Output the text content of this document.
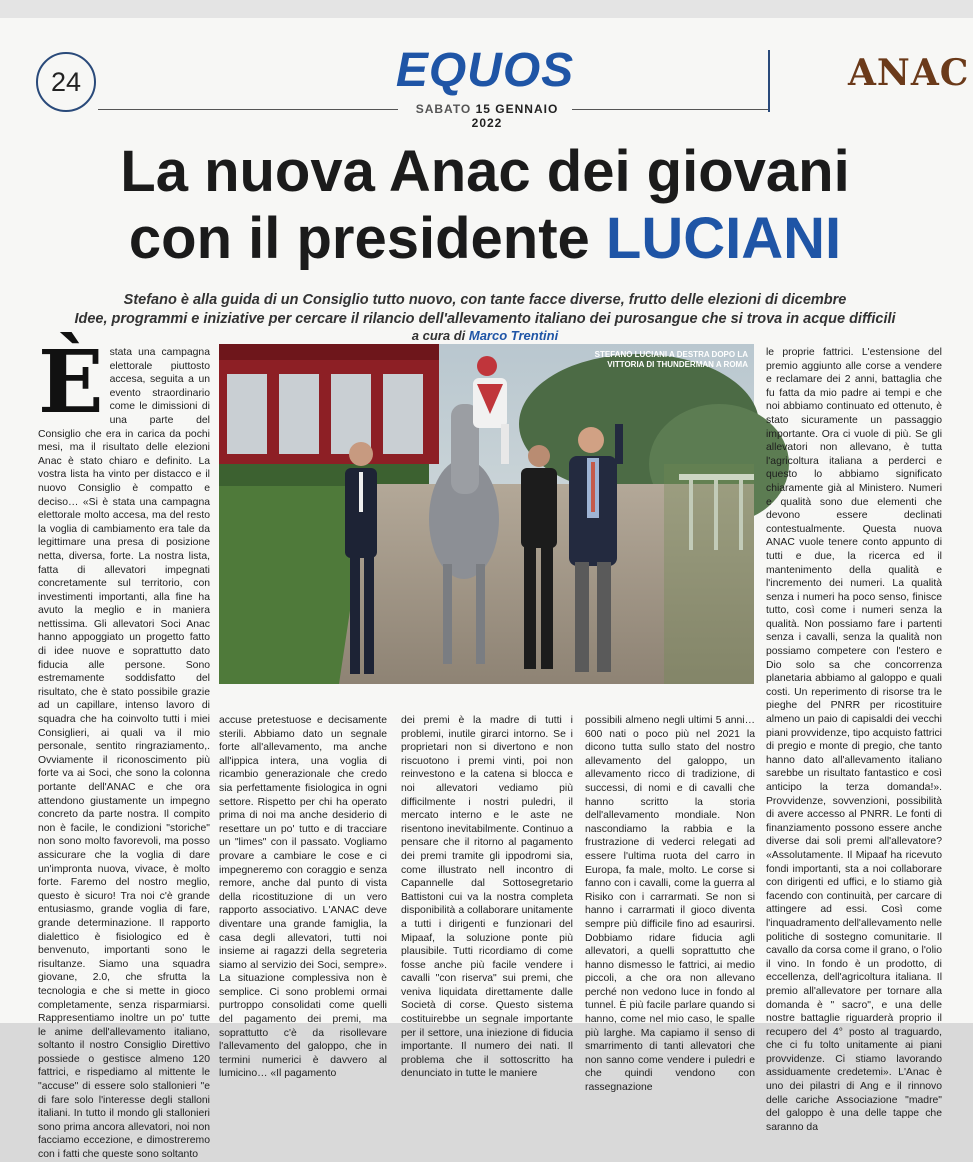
24	EQUOS
SABATO 15 GENNAIO 2022
ANAC
La nuova Anac dei giovani
con il presidente LUCIANI
Stefano è alla guida di un Consiglio tutto nuovo, con tante facce diverse, frutto delle elezioni di dicembre
Idee, programmi e iniziative per cercare il rilancio dell'allevamento italiano dei purosangue che si trova in acque difficili
a cura di Marco Trentini
È stata una campagna elettorale piuttosto accesa, seguita a un evento straordinario come le dimissioni di una parte del Consiglio che era in carica da pochi mesi, ma il risultato delle elezioni Anac è stato chiaro e definito. La vostra lista ha vinto per distacco e il nuovo Consiglio è compatto e deciso… «Si è stata una campagna elettorale molto accesa, ma del resto la voglia di cambiamento era tale da legittimare una presa di posizione netta, diversa, forte. La nostra lista, fatta di allevatori impegnati concretamente sul territorio, con investimenti importanti, alla fine ha avuto la meglio e in maniera nettissima. Gli allevatori Soci Anac hanno appoggiato un progetto fatto di idee nuove e soprattutto dato fiducia alle persone. Sono estremamente soddisfatto del risultato, che è stato possibile grazie ad un capillare, intenso lavoro di squadra che ha coinvolto tutti i miei Consiglieri, ai quali va il mio personale, sentito ringraziamento,. Ovviamente il riconoscimento più forte va ai Soci, che sono la colonna portante dell'ANAC e che ora attendono giustamente un impegno concreto da parte nostra. Il compito non è facile, le condizioni "storiche" non sono molto favorevoli, ma posso assicurare che la voglia di dare un'impronta nuova, vivace, è molto forte. Faremo del nostro meglio, questo è sicuro! Tra noi c'è grande entusiasmo, grande voglia di fare, grande determinazione. Il rapporto dialettico è fisiologico ed è benvenuto, importanti sono le risultanze. Siamo una squadra giovane, 2.0, che sfrutta la tecnologia e che si mette in gioco completamente, senza risparmiarsi. Rappresentiamo inoltre un po' tutte le anime dell'allevamento italiano, soltanto il nostro Consiglio Direttivo possiede o gestisce almeno 120 fattrici, e rispediamo al mittente le "accuse" di essere solo stallonieri "e di fare solo l'interesse degli stalloni italiani. In tutto il mondo gli stallonieri sono prima ancora allevatori, noi non facciamo eccezione, e dimostreremo con i fatti che queste sono soltanto

STEFANO LUCIANI A DESTRA DOPO LA VITTORIA DI THUNDERMAN A ROMA

accuse pretestuose e decisamente sterili. Abbiamo dato un segnale forte all'allevamento, ma anche all'ippica intera, una voglia di ricambio generazionale che credo sia perfettamente fisiologica in ogni settore. Rispetto per chi ha operato prima di noi ma anche desiderio di resettare un po' tutto e di tracciare un "limes" con il passato. Vogliamo provare a cambiare le cose e ci impegneremo con coraggio e senza remore, anche dal punto di vista della ricostituzione di un vero rapporto associativo. L'ANAC deve diventare una grande famiglia, la casa degli allevatori, tutti noi insieme ai ragazzi della segreteria siamo al servizio dei Soci, sempre». La situazione complessiva non è semplice. Ci sono problemi ormai purtroppo consolidati come quelli del pagamento dei premi, ma soprattutto c'è da risollevare l'allevamento del galoppo, che in termini numerici è davvero al lumicino… «Il pagamento

dei premi è la madre di tutti i problemi, inutile girarci intorno. Se i proprietari non si divertono e non riscuotono i premi vinti, poi non reinvestono e la catena si blocca e noi allevatori vediamo più difficilmente i nostri puledri, il mercato interno e le aste ne risentono inevitabilmente. Continuo a pensare che il ritorno al pagamento dei premi tramite gli ippodromi sia, come illustrato nell incontro di Capannelle dal Sottosegretario Battistoni cui va la nostra completa disponibilità a collaborare unitamente a tutti i dirigenti e funzionari del Mipaaf, la soluzione ponte più plausibile. Tutti ricordiamo di come fosse anche più facile vendere i cavalli "con riserva" sui premi, che veniva liquidata direttamente dalle Società di corse. Questo sistema costituirebbe un segnale importante per il settore, una iniezione di fiducia importante. Il numero dei nati. Il problema che il sottoscritto ha denunciato in tutte le maniere

possibili almeno negli ultimi 5 anni… 600 nati o poco più nel 2021 la dicono tutta sullo stato del nostro allevamento del galoppo, un allevamento ricco di tradizione, di successi, di nomi e di cavalli che hanno scritto la storia dell'allevamento mondiale. Non nascondiamo la rabbia e la frustrazione di vederci relegati ad essere l'ultima ruota del carro in Europa, fa male, molto. Le corse si fanno con i cavalli, come la guerra al Risiko con i carrarmati. Se non si hanno i carrarmati il gioco diventa sempre più difficile fino ad esaurirsi. Dobbiamo ridare fiducia agli allevatori, a quelli soprattutto che hanno dismesso le fattrici, ai medio piccoli, a che ora non allevano perché non vedono luce in fondo al tunnel. È più facile parlare quando si hanno, come nel mio caso, le spalle più larghe. Ma capiamo il senso di smarrimento di tanti allevatori che non sanno come vendere i puledri e che quindi vendono con rassegnazione

le proprie fattrici. L'estensione del premio aggiunto alle corse a vendere e reclamare dei 2 anni, battaglia che fu fatta da mio padre ai tempi e che noi abbiamo continuato ed ottenuto, è stato sicuramente un passaggio importante. Ora ci vuole di più. Se gli allevatori non allevano, è tutta l'agricoltura italiana a perderci e questo lo abbiamo significato chiaramente già al Ministero. Numeri e qualità sono due elementi che devono essere declinati contestualmente. Questa nuova ANAC vuole tenere conto appunto di tutti e due, la ricerca ed il mantenimento della qualità e l'incremento dei numeri. La qualità senza i numeri ha poco senso, finisce tutto, così come i numeri senza la qualità. Non possiamo fare i partenti senza i cavalli, senza la qualità non possiamo competere con l'estero e Dio solo sa che concorrenza planetaria abbiamo al galoppo e quali costi. Un reperimento di risorse tra le pieghe del PNRR per ricostituire almeno un paio di capisaldi dei vecchi piani provvidenze, tipo acquisto fattrici di pregio e monte di pregio, che tanto hanno dato all'allevamento italiano sarebbe un risultato fantastico e così anticipo la terza domanda!». Provvidenze, sovvenzioni, possibilità di avere accesso al PNRR. Le fonti di finanziamento possono essere anche diverse dai soli premi all'allevatore? «Assolutamente. Il Mipaaf ha ricevuto fondi importanti, sta a noi collaborare con dirigenti ed uffici, e lo stiamo già facendo con continuità, per carcare di attingere ad essi. Così come l'inquadramento dell'allevamento nelle politiche di sostegno comunitarie. Il cavallo da corsa come il grano, o l'olio il vino. In fondo è un prodotto, di eccellenza, dell'agricoltura italiana. Il premio all'allevatore per tornare alla domanda è " sacro", e una delle nostre battaglie riguarderà proprio il recupero del 4° posto al traguardo, che ci fu tolto unitamente ai piani provvidenze. Ci stiamo lavorando assiduamente credetemi». L'Anac è uno dei pilastri di Ang e il rinnovo delle cariche Associazione "madre" del galoppo è una delle tappe che saranno da
